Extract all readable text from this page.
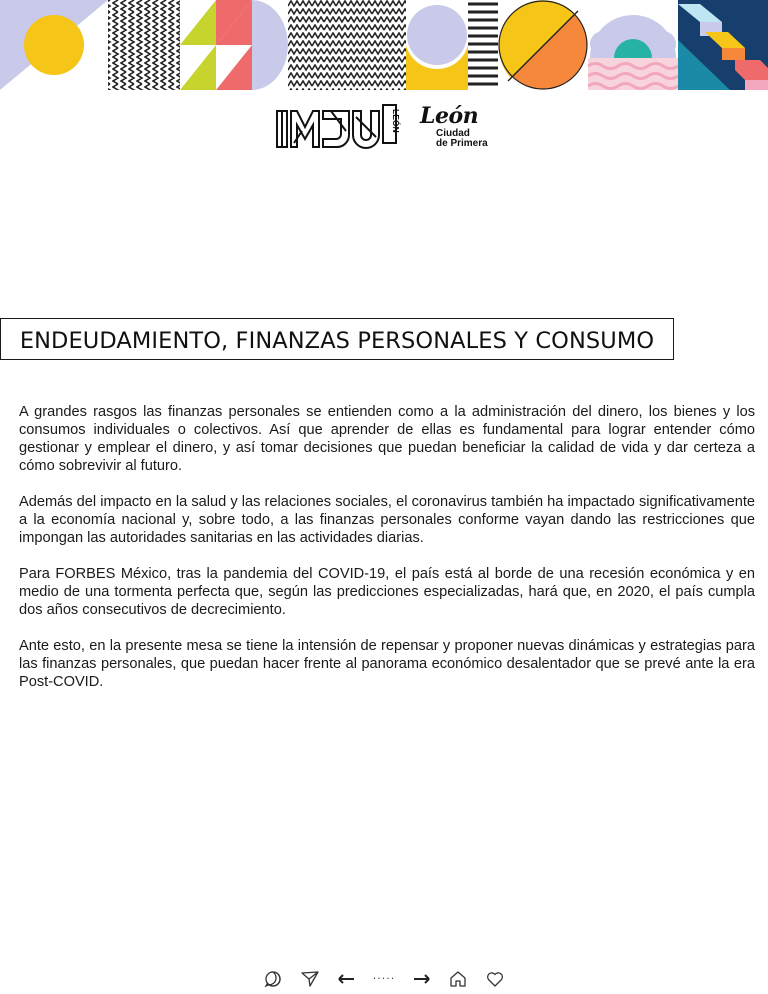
LEÓN León
Ciudad
de Primera
ENDEUDAMIENTO, FINANZAS PERSONALES Y CONSUMO

A grandes rasgos las finanzas personales se entienden como a la administración del dinero, los bienes y los consumos individuales o colectivos. Así que aprender de ellas es fundamental para lograr entender cómo gestionar y emplear el dinero, y así tomar decisiones que puedan beneficiar la calidad de vida y dar certeza a cómo sobrevivir al futuro.

Además del impacto en la salud y las relaciones sociales, el coronavirus también ha impactado significativamente a la economía nacional y, sobre todo, a las finanzas personales conforme vayan dando las restricciones que impongan las autoridades sanitarias en las actividades diarias.

Para FORBES México, tras la pandemia del COVID-19, el país está al borde de una recesión económica y en medio de una tormenta perfecta que, según las predicciones especializadas, hará que, en 2020, el país cumpla dos años consecutivos de decrecimiento.

Ante esto, en la presente mesa se tiene la intensión de repensar y proponer nuevas dinámicas y estrategias para las finanzas personales, que puedan hacer frente al panorama económico desalentador que se prevé ante la era Post-COVID.

·····
